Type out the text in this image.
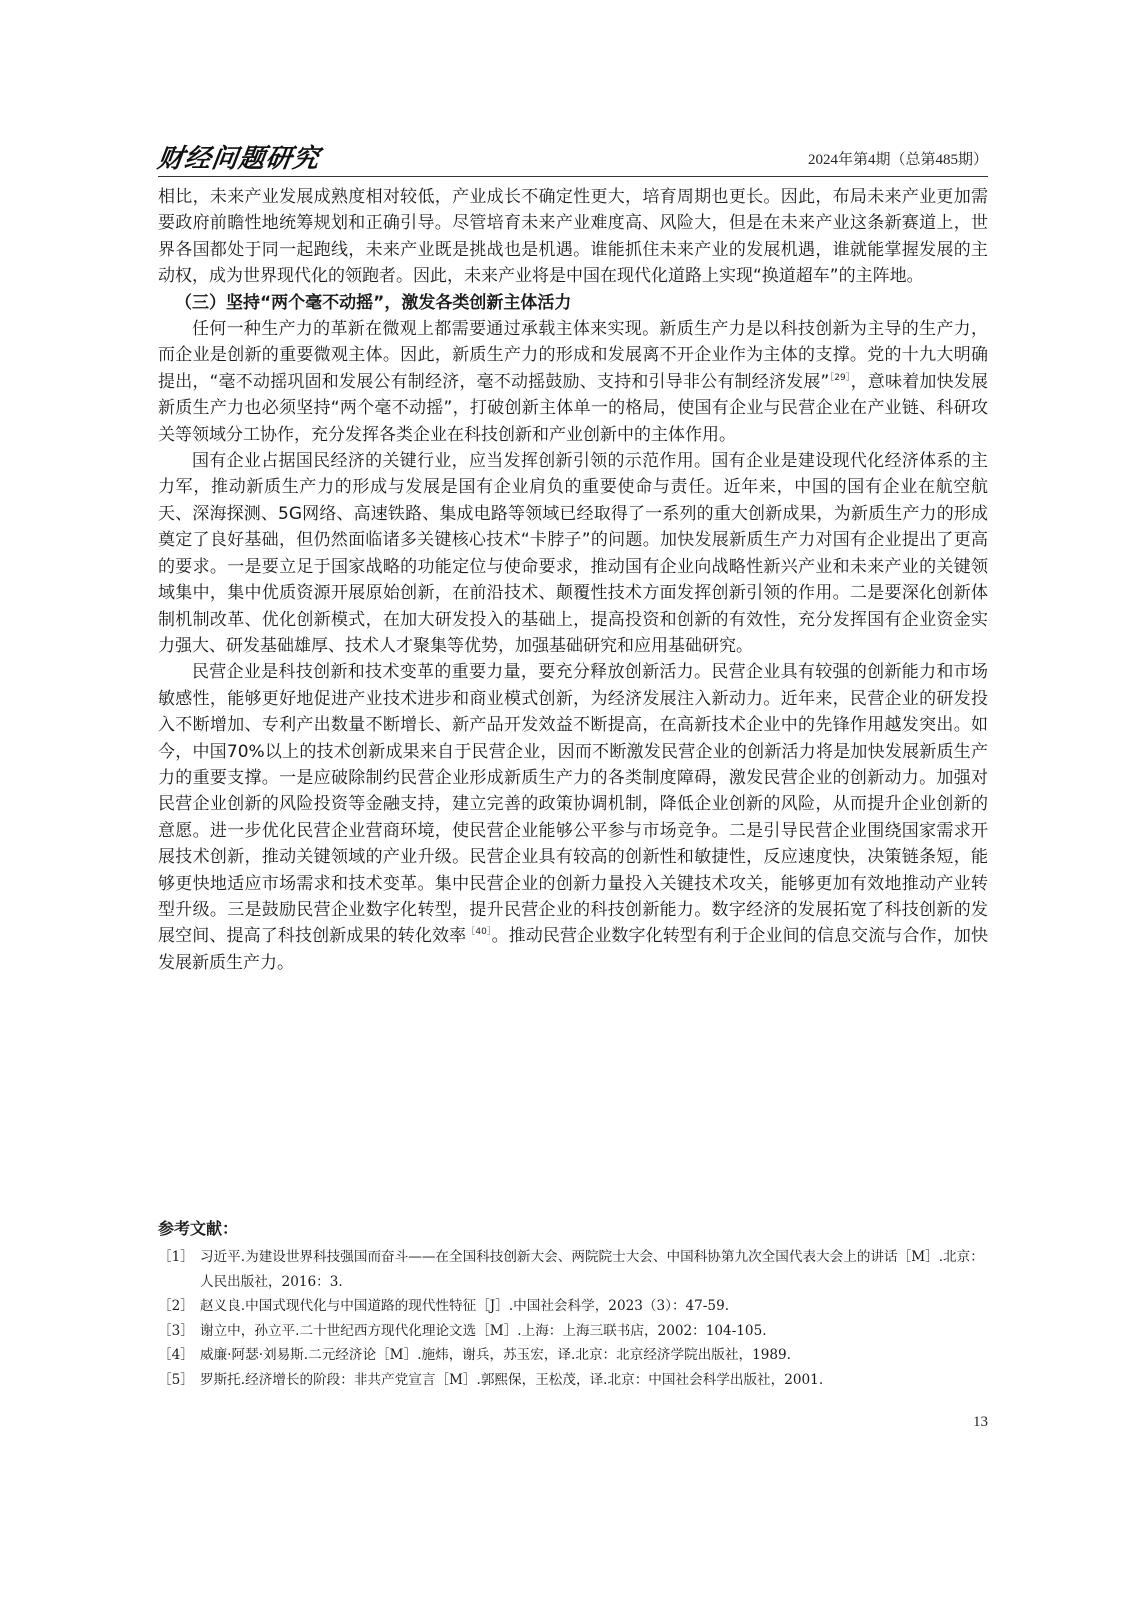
财经问题研究	2024年第4期（总第485期）

相比，未来产业发展成熟度相对较低，产业成长不确定性更大，培育周期也更长。因此，布局未来产业更加需要政府前瞻性地统筹规划和正确引导。尽管培育未来产业难度高、风险大，但是在未来产业这条新赛道上，世界各国都处于同一起跑线，未来产业既是挑战也是机遇。谁能抓住未来产业的发展机遇，谁就能掌握发展的主动权，成为世界现代化的领跑者。因此，未来产业将是中国在现代化道路上实现“换道超车”的主阵地。

（三）坚持“两个毫不动摇”，激发各类创新主体活力

任何一种生产力的革新在微观上都需要通过承载主体来实现。新质生产力是以科技创新为主导的生产力，而企业是创新的重要微观主体。因此，新质生产力的形成和发展离不开企业作为主体的支撑。党的十九大明确提出，“毫不动摇巩固和发展公有制经济，毫不动摇鼓励、支持和引导非公有制经济发展”$^{[29]}$，意味着加快发展新质生产力也必须坚持“两个毫不动摇”，打破创新主体单一的格局，使国有企业与民营企业在产业链、科研攻关等领域分工协作，充分发挥各类企业在科技创新和产业创新中的主体作用。

国有企业占据国民经济的关键行业，应当发挥创新引领的示范作用。国有企业是建设现代化经济体系的主力军，推动新质生产力的形成与发展是国有企业肩负的重要使命与责任。近年来，中国的国有企业在航空航天、深海探测、5G网络、高速铁路、集成电路等领域已经取得了一系列的重大创新成果，为新质生产力的形成奠定了良好基础，但仍然面临诸多关键核心技术“卡脖子”的问题。加快发展新质生产力对国有企业提出了更高的要求。一是要立足于国家战略的功能定位与使命要求，推动国有企业向战略性新兴产业和未来产业的关键领域集中，集中优质资源开展原始创新，在前沿技术、颠覆性技术方面发挥创新引领的作用。二是要深化创新体制机制改革、优化创新模式，在加大研发投入的基础上，提高投资和创新的有效性，充分发挥国有企业资金实力强大、研发基础雄厚、技术人才聚集等优势，加强基础研究和应用基础研究。

民营企业是科技创新和技术变革的重要力量，要充分释放创新活力。民营企业具有较强的创新能力和市场敏感性，能够更好地促进产业技术进步和商业模式创新，为经济发展注入新动力。近年来，民营企业的研发投入不断增加、专利产出数量不断增长、新产品开发效益不断提高，在高新技术企业中的先锋作用越发突出。如今，中国70%以上的技术创新成果来自于民营企业，因而不断激发民营企业的创新活力将是加快发展新质生产力的重要支撑。一是应破除制约民营企业形成新质生产力的各类制度障碍，激发民营企业的创新动力。加强对民营企业创新的风险投资等金融支持，建立完善的政策协调机制，降低企业创新的风险，从而提升企业创新的意愿。进一步优化民营企业营商环境，使民营企业能够公平参与市场竞争。二是引导民营企业围绕国家需求开展技术创新，推动关键领域的产业升级。民营企业具有较高的创新性和敏捷性，反应速度快，决策链条短，能够更快地适应市场需求和技术变革。集中民营企业的创新力量投入关键技术攻关，能够更加有效地推动产业转型升级。三是鼓励民营企业数字化转型，提升民营企业的科技创新能力。数字经济的发展拓宽了科技创新的发展空间、提高了科技创新成果的转化效率$^{[40]}$。推动民营企业数字化转型有利于企业间的信息交流与合作，加快发展新质生产力。

参考文献：
［1］ 习近平.为建设世界科技强国而奋斗——在全国科技创新大会、两院院士大会、中国科协第九次全国代表大会上的讲话［M］.北京：人民出版社，2016：3.
［2］ 赵义良.中国式现代化与中国道路的现代性特征［J］.中国社会科学，2023（3）：47-59.
［3］ 谢立中，孙立平.二十世纪西方现代化理论文选［M］.上海：上海三联书店，2002：104-105.
［4］ 威廉·阿瑟·刘易斯.二元经济论［M］.施炜，谢兵，苏玉宏，译.北京：北京经济学院出版社，1989.
［5］ 罗斯托.经济增长的阶段：非共产党宣言［M］.郭熙保，王松茂，译.北京：中国社会科学出版社，2001.
13
